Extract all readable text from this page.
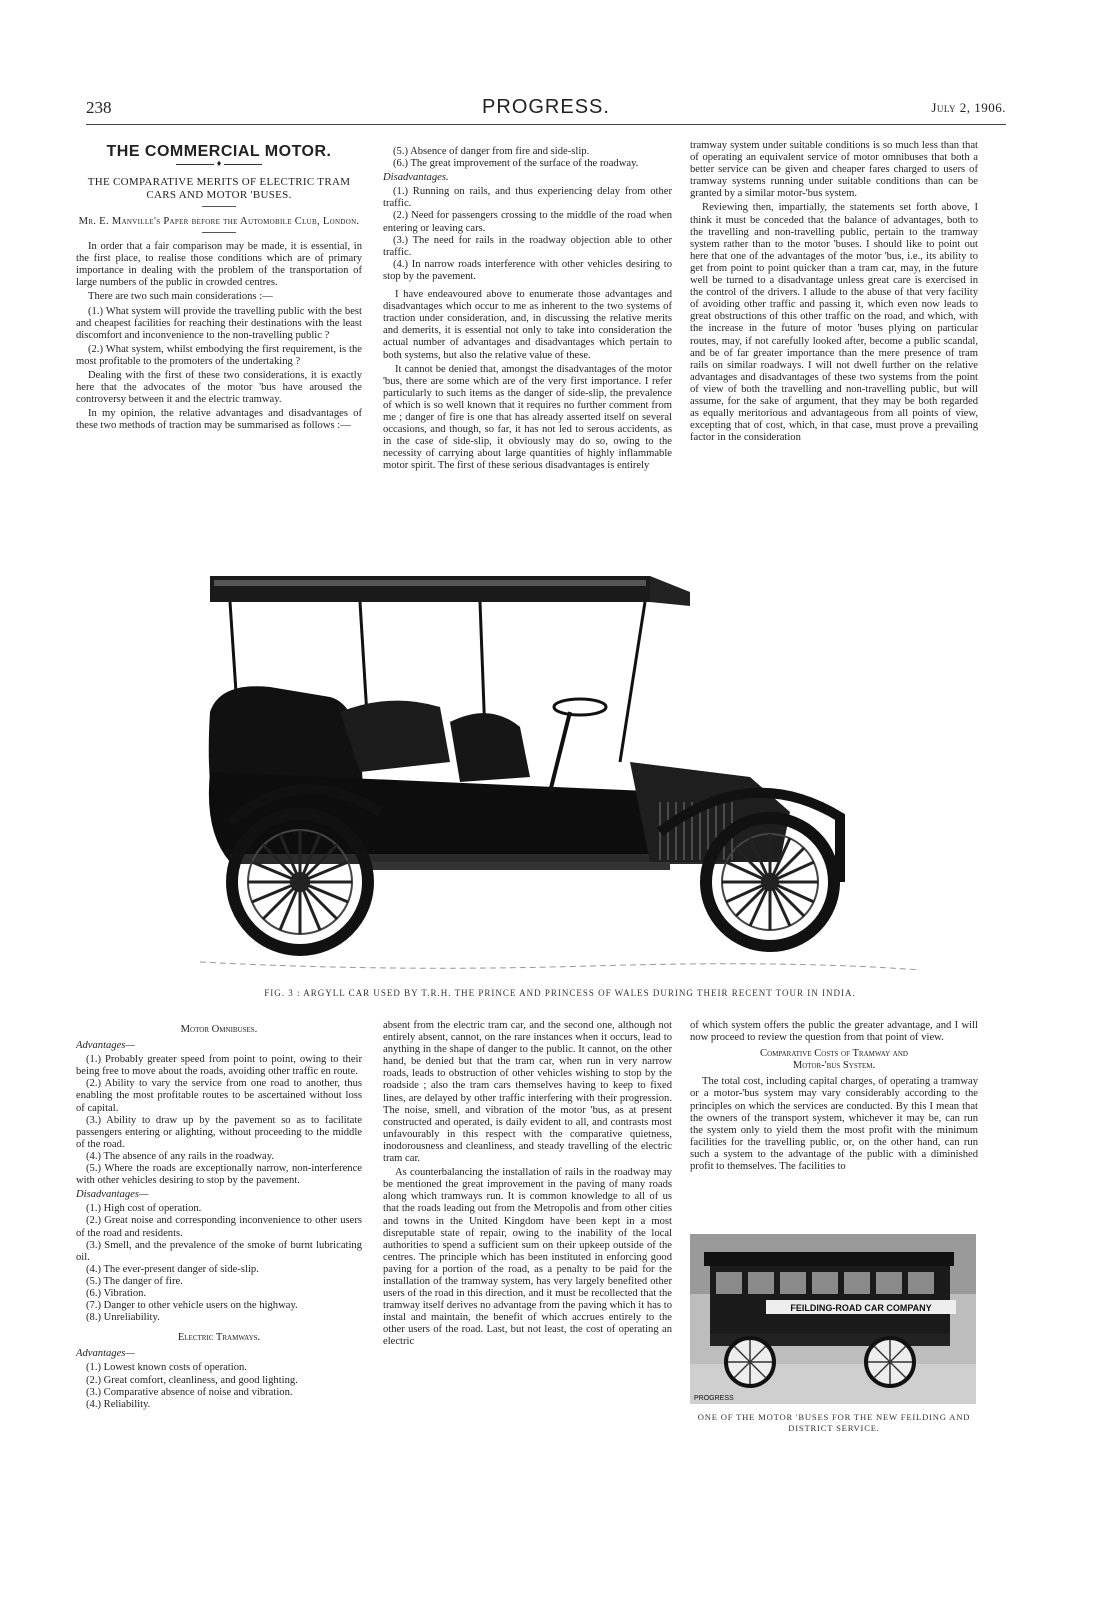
238	PROGRESS.	July 2, 1906.

THE COMMERCIAL MOTOR.

♦

THE COMPARATIVE MERITS OF ELECTRIC TRAM CARS AND MOTOR 'BUSES.

Mr. E. Manville's Paper before the Automobile Club, London.

In order that a fair comparison may be made, it is essential, in the first place, to realise those conditions which are of primary importance in dealing with the problem of the transportation of large numbers of the public in crowded centres.

There are two such main considerations :—

(1.) What system will provide the travelling public with the best and cheapest facilities for reaching their destinations with the least discomfort and inconvenience to the non-travelling public ?

(2.) What system, whilst embodying the first requirement, is the most profitable to the promoters of the undertaking ?

Dealing with the first of these two considerations, it is exactly here that the advocates of the motor 'bus have aroused the controversy between it and the electric tramway.

In my opinion, the relative advantages and disadvantages of these two methods of traction may be summarised as follows :—

(5.) Absence of danger from fire and side-slip.

(6.) The great improvement of the surface of the roadway.

Disadvantages.

(1.) Running on rails, and thus experiencing delay from other traffic.

(2.) Need for passengers crossing to the middle of the road when entering or leaving cars.

(3.) The need for rails in the roadway objection able to other traffic.

(4.) In narrow roads interference with other vehicles desiring to stop by the pavement.

I have endeavoured above to enumerate those advantages and disadvantages which occur to me as inherent to the two systems of traction under consideration, and, in discussing the relative merits and demerits, it is essential not only to take into consideration the actual number of advantages and disadvantages which pertain to both systems, but also the relative value of these.

It cannot be denied that, amongst the disadvantages of the motor 'bus, there are some which are of the very first importance. I refer particularly to such items as the danger of side-slip, the prevalence of which is so well known that it requires no further comment from me ; danger of fire is one that has already asserted itself on several occasions, and though, so far, it has not led to serous accidents, as in the case of side-slip, it obviously may do so, owing to the necessity of carrying about large quantities of highly inflammable motor spirit. The first of these serious disadvantages is entirely

tramway system under suitable conditions is so much less than that of operating an equivalent service of motor omnibuses that both a better service can be given and cheaper fares charged to users of tramway systems running under suitable conditions than can be granted by a similar motor-'bus system.

Reviewing then, impartially, the statements set forth above, I think it must be conceded that the balance of advantages, both to the travelling and non-travelling public, pertain to the tramway system rather than to the motor 'buses. I should like to point out here that one of the advantages of the motor 'bus, i.e., its ability to get from point to point quicker than a tram car, may, in the future well be turned to a disadvantage unless great care is exercised in the control of the drivers. I allude to the abuse of that very facility of avoiding other traffic and passing it, which even now leads to great obstructions of this other traffic on the road, and which, with the increase in the future of motor 'buses plying on particular routes, may, if not carefully looked after, become a public scandal, and be of far greater importance than the mere presence of tram rails on similar roadways. I will not dwell further on the relative advantages and disadvantages of these two systems from the point of view of both the travelling and non-travelling public, but will assume, for the sake of argument, that they may be both regarded as equally meritorious and advantageous from all points of view, excepting that of cost, which, in that case, must prove a prevailing factor in the consideration

FIG. 3 : ARGYLL CAR USED BY T.R.H. THE PRINCE AND PRINCESS OF WALES DURING THEIR RECENT TOUR IN INDIA.

Motor Omnibuses.

Advantages—

(1.) Probably greater speed from point to point, owing to their being free to move about the roads, avoiding other traffic en route.

(2.) Ability to vary the service from one road to another, thus enabling the most profitable routes to be ascertained without loss of capital.

(3.) Ability to draw up by the pavement so as to facilitate passengers entering or alighting, without proceeding to the middle of the road.

(4.) The absence of any rails in the roadway.

(5.) Where the roads are exceptionally narrow, non-interference with other vehicles desiring to stop by the pavement.

Disadvantages—

(1.) High cost of operation.

(2.) Great noise and corresponding inconvenience to other users of the road and residents.

(3.) Smell, and the prevalence of the smoke of burnt lubricating oil.

(4.) The ever-present danger of side-slip.

(5.) The danger of fire.

(6.) Vibration.

(7.) Danger to other vehicle users on the highway.

(8.) Unreliability.

Electric Tramways.

Advantages—

(1.) Lowest known costs of operation.

(2.) Great comfort, cleanliness, and good lighting.

(3.) Comparative absence of noise and vibration.

(4.) Reliability.

absent from the electric tram car, and the second one, although not entirely absent, cannot, on the rare instances when it occurs, lead to anything in the shape of danger to the public. It cannot, on the other hand, be denied but that the tram car, when run in very narrow roads, leads to obstruction of other vehicles wishing to stop by the roadside ; also the tram cars themselves having to keep to fixed lines, are delayed by other traffic interfering with their progression. The noise, smell, and vibration of the motor 'bus, as at present constructed and operated, is daily evident to all, and contrasts most unfavourably in this respect with the comparative quietness, inodorousness and cleanliness, and steady travelling of the electric tram car.

As counterbalancing the installation of rails in the roadway may be mentioned the great improvement in the paving of many roads along which tramways run. It is common knowledge to all of us that the roads leading out from the Metropolis and from other cities and towns in the United Kingdom have been kept in a most disreputable state of repair, owing to the inability of the local authorities to spend a sufficient sum on their upkeep outside of the centres. The principle which has been instituted in enforcing good paving for a portion of the road, as a penalty to be paid for the installation of the tramway system, has very largely benefited other users of the road in this direction, and it must be recollected that the tramway itself derives no advantage from the paving which it has to instal and maintain, the benefit of which accrues entirely to the other users of the road. Last, but not least, the cost of operating an electric

of which system offers the public the greater advantage, and I will now proceed to review the question from that point of view.

Comparative Costs of Tramway and

Motor-'bus System.

The total cost, including capital charges, of operating a tramway or a motor-'bus system may vary considerably according to the principles on which the services are conducted. By this I mean that the owners of the transport system, whichever it may be, can run the system only to yield them the most profit with the minimum facilities for the travelling public, or, on the other hand, can run such a system to the advantage of the public with a diminished profit to themselves. The facilities to

FEILDING-ROAD CAR COMPANY
PROGRESS
ONE OF THE MOTOR 'BUSES FOR THE NEW FEILDING AND DISTRICT SERVICE.
